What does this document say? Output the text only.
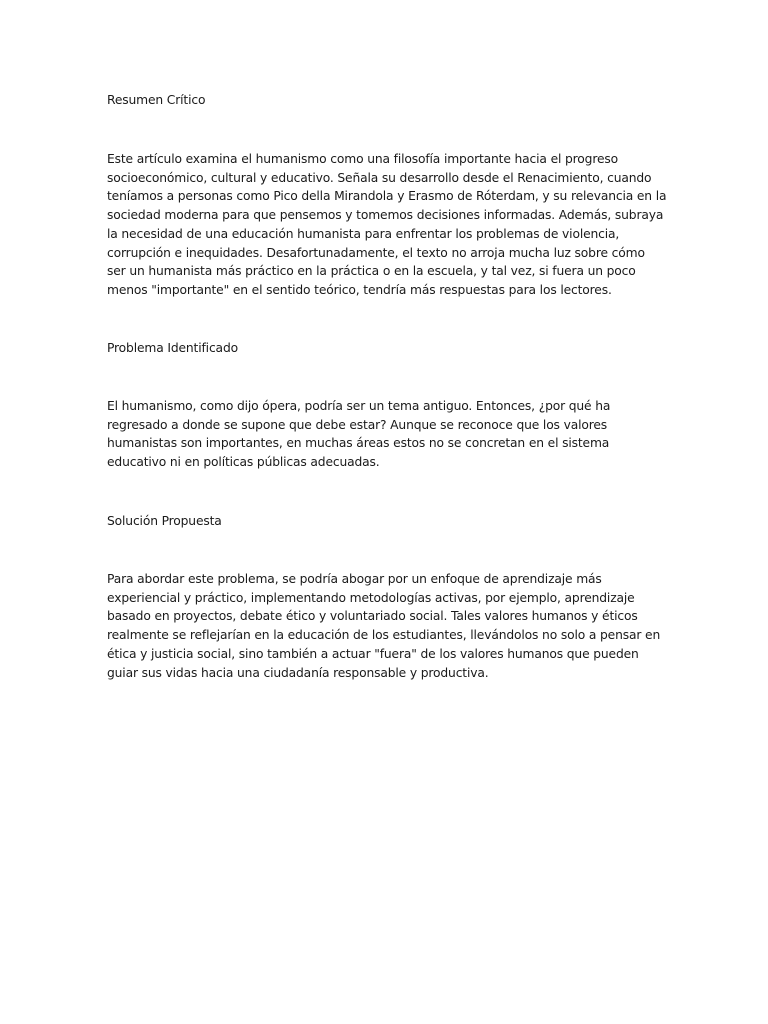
Resumen Crítico

Este artículo examina el humanismo como una filosofía importante hacia el progreso socioeconómico, cultural y educativo. Señala su desarrollo desde el Renacimiento, cuando teníamos a personas como Pico della Mirandola y Erasmo de Róterdam, y su relevancia en la sociedad moderna para que pensemos y tomemos decisiones informadas. Además, subraya la necesidad de una educación humanista para enfrentar los problemas de violencia, corrupción e inequidades. Desafortunadamente, el texto no arroja mucha luz sobre cómo ser un humanista más práctico en la práctica o en la escuela, y tal vez, si fuera un poco menos "importante" en el sentido teórico, tendría más respuestas para los lectores.

Problema Identificado

El humanismo, como dijo ópera, podría ser un tema antiguo. Entonces, ¿por qué ha regresado a donde se supone que debe estar? Aunque se reconoce que los valores humanistas son importantes, en muchas áreas estos no se concretan en el sistema educativo ni en políticas públicas adecuadas.

Solución Propuesta

Para abordar este problema, se podría abogar por un enfoque de aprendizaje más experiencial y práctico, implementando metodologías activas, por ejemplo, aprendizaje basado en proyectos, debate ético y voluntariado social. Tales valores humanos y éticos realmente se reflejarían en la educación de los estudiantes, llevándolos no solo a pensar en ética y justicia social, sino también a actuar "fuera" de los valores humanos que pueden guiar sus vidas hacia una ciudadanía responsable y productiva.
